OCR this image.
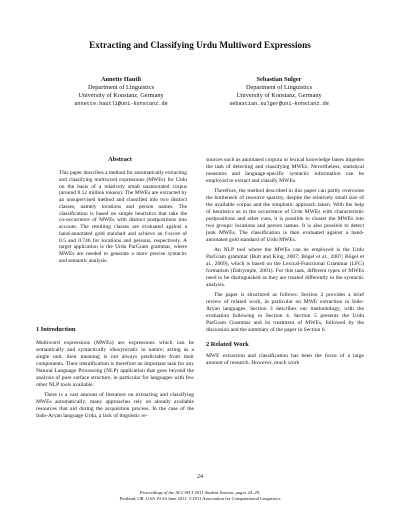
Extracting and Classifying Urdu Multiword Expressions
Annette Hautli
Department of Linguistics
University of Konstanz, Germany
annette.hautli@uni-konstanz.de
Sebastian Sulger
Department of Linguistics
University of Konstanz, Germany
sebastian.sulger@uni-konstanz.de
Abstract

This paper describes a method for automatically extracting and classifying multiword expressions (MWEs) for Urdu on the basis of a relatively small unannotated corpus (around 8.12 million tokens). The MWEs are extracted by an unsupervised method and classified into two distinct classes, namely locations and person names. The classification is based on simple heuristics that take the co-occurrence of MWEs with distinct postpositions into account. The resulting classes are evaluated against a hand-annotated gold standard and achieve an f-score of 0.5 and 0.746 for locations and persons, respectively. A target application is the Urdu ParGram grammar, where MWEs are needed to generate a more precise syntactic and semantic analysis.

1 Introduction

Multiword expressions (MWEs) are expressions which can be semantically and syntactically idiosyncratic in nature; acting as a single unit, their meaning is not always predictable from their components. Their identification is therefore an important task for any Natural Language Processing (NLP) application that goes beyond the analysis of pure surface structure, in particular for languages with few other NLP tools available.

There is a vast amount of literature on extracting and classifying MWEs automatically; many approaches rely on already available resources that aid during the acquisition process. In the case of the Indo-Aryan language Urdu, a lack of linguistic re-

sources such as annotated corpora or lexical knowledge bases impedes the task of detecting and classifying MWEs. Nevertheless, statistical measures and language-specific syntactic information can be employed to extract and classify MWEs.

Therefore, the method described in this paper can partly overcome the bottleneck of resource sparsity, despite the relatively small size of the available corpus and the simplistic approach taken. With the help of heuristics as to the occurrence of Urdu MWEs with characteristic postpositions and other cues, it is possible to cluster the MWEs into two groups: locations and person names. It is also possible to detect junk MWEs. The classification is then evaluated against a hand-annotated gold standard of Urdu MWEs.

An NLP tool where the MWEs can be employed is the Urdu ParGram grammar (Butt and King, 2007; Bögel et al., 2007; Bögel et al., 2009), which is based on the Lexical-Functional Grammar (LFG) formalism (Dalrymple, 2001). For this task, different types of MWEs need to be distinguished as they are treated differently in the syntactic analysis.

The paper is structured as follows: Section 2 provides a brief review of related work, in particular on MWE extraction in Indo-Aryan languages. Section 3 describes our methodology, with the evaluation following in Section 4. Section 5 presents the Urdu ParGram Grammar and its treatment of MWEs, followed by the discussion and the summary of the paper in Section 6.

2 Related Work

MWE extraction and classification has been the focus of a large amount of research. However, much work

24
Proceedings of the ACL-HLT 2011 Student Session, pages 24–29,
Portland, OR, USA 19-24 June 2011. ©2011 Association for Computational Linguistics
